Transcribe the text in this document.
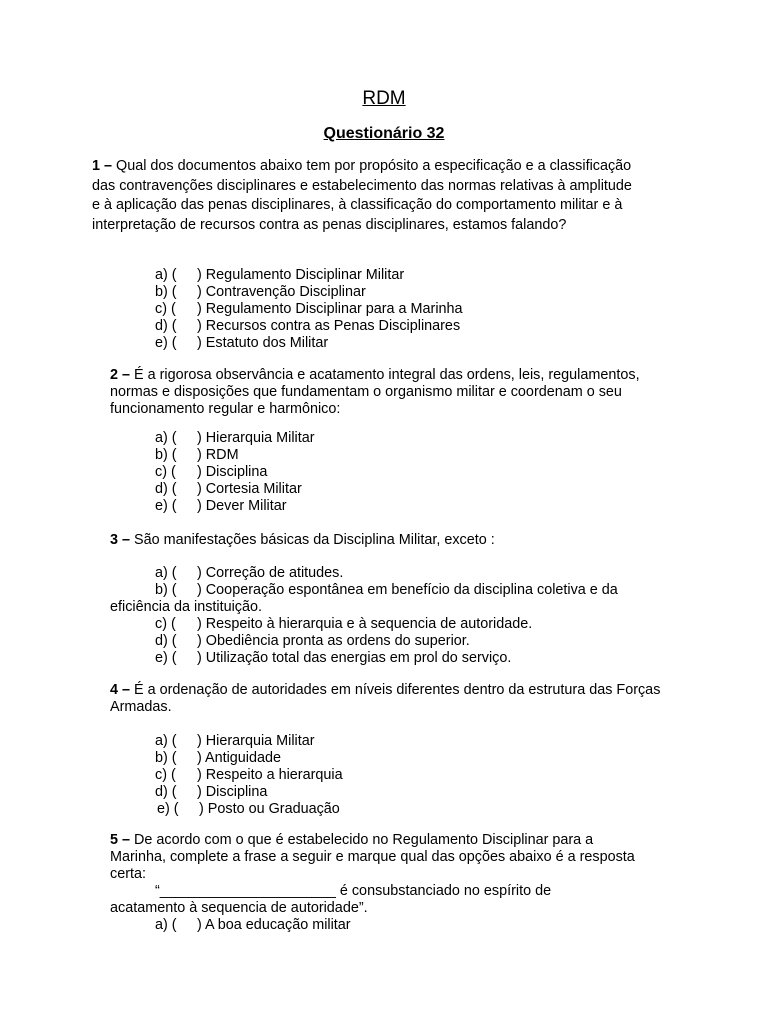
RDM
Questionário 32
1 – Qual dos documentos abaixo tem por propósito a especificação e a classificação das contravenções disciplinares e estabelecimento das normas relativas à amplitude e à aplicação das penas disciplinares, à classificação do comportamento militar e à interpretação de recursos contra as penas disciplinares, estamos falando?
a) ( ) Regulamento Disciplinar Militar
b) ( ) Contravenção Disciplinar
c) ( ) Regulamento Disciplinar para a Marinha
d) ( ) Recursos contra as Penas Disciplinares
e) ( ) Estatuto dos Militar
2 – É a rigorosa observância e acatamento integral das ordens, leis, regulamentos, normas e disposições que fundamentam o organismo militar e coordenam o seu funcionamento regular e harmônico:
a) ( ) Hierarquia Militar
b) ( ) RDM
c) ( ) Disciplina
d) ( ) Cortesia Militar
e) ( ) Dever Militar
3 – São manifestações básicas da Disciplina Militar, exceto :
a) ( ) Correção de atitudes.
b) ( ) Cooperação espontânea em benefício da disciplina coletiva e da
eficiência da instituição.
c) ( ) Respeito à hierarquia e à sequencia de autoridade.
d) ( ) Obediência pronta as ordens do superior.
e) ( ) Utilização total das energias em prol do serviço.
4 – É a ordenação de autoridades em níveis diferentes dentro da estrutura das Forças Armadas.
a) ( ) Hierarquia Militar
b) ( ) Antiguidade
c) ( ) Respeito a hierarquia
d) ( ) Disciplina
e) ( ) Posto ou Graduação
5 – De acordo com o que é estabelecido no Regulamento Disciplinar para a Marinha, complete a frase a seguir e marque qual das opções abaixo é a resposta certa:
“______________________ é consubstanciado no espírito de
acatamento à sequencia de autoridade”.
a) ( ) A boa educação militar
